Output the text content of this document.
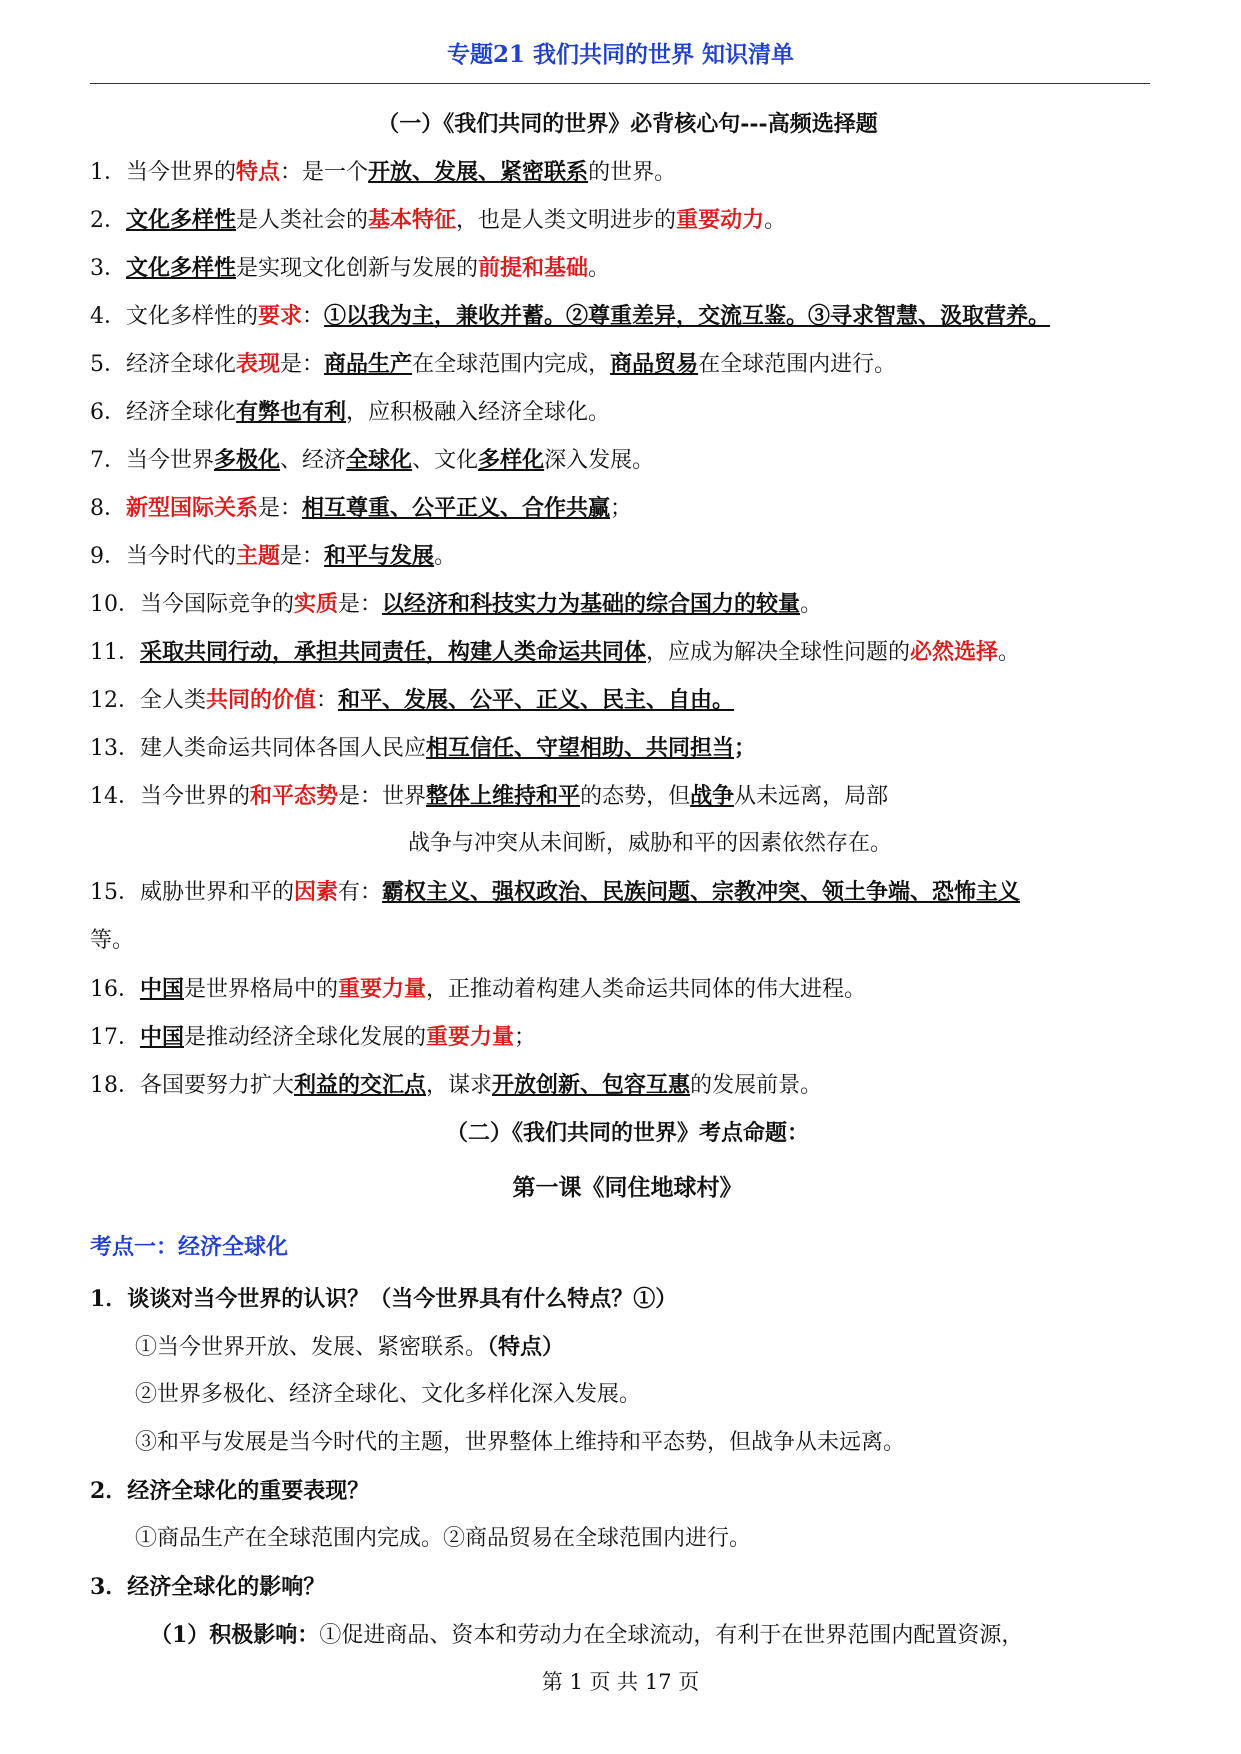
专题21 我们共同的世界 知识清单
（一）《我们共同的世界》必背核心句---高频选择题
1．当今世界的特点：是一个开放、发展、紧密联系的世界。
2．文化多样性是人类社会的基本特征，也是人类文明进步的重要动力。
3．文化多样性是实现文化创新与发展的前提和基础。
4．文化多样性的要求：①以我为主，兼收并蓄。②尊重差异，交流互鉴。③寻求智慧、汲取营养。
5．经济全球化表现是：商品生产在全球范围内完成，商品贸易在全球范围内进行。
6．经济全球化有弊也有利，应积极融入经济全球化。
7．当今世界多极化、经济全球化、文化多样化深入发展。
8．新型国际关系是：相互尊重、公平正义、合作共赢；
9．当今时代的主题是：和平与发展。
10．当今国际竞争的实质是：以经济和科技实力为基础的综合国力的较量。
11．采取共同行动，承担共同责任，构建人类命运共同体，应成为解决全球性问题的必然选择。
12．全人类共同的价值：和平、发展、公平、正义、民主、自由。
13．建人类命运共同体各国人民应相互信任、守望相助、共同担当；
14．当今世界的和平态势是：世界整体上维持和平的态势，但战争从未远离，局部
战争与冲突从未间断，威胁和平的因素依然存在。
15．威胁世界和平的因素有：霸权主义、强权政治、民族问题、宗教冲突、领土争端、恐怖主义
等。
16．中国是世界格局中的重要力量，正推动着构建人类命运共同体的伟大进程。
17．中国是推动经济全球化发展的重要力量；
18．各国要努力扩大利益的交汇点，谋求开放创新、包容互惠的发展前景。
（二）《我们共同的世界》考点命题：
第一课《同住地球村》
考点一：经济全球化
1．谈谈对当今世界的认识？（当今世界具有什么特点？①）
①当今世界开放、发展、紧密联系。（特点）
②世界多极化、经济全球化、文化多样化深入发展。
③和平与发展是当今时代的主题，世界整体上维持和平态势，但战争从未远离。
2．经济全球化的重要表现？
①商品生产在全球范围内完成。②商品贸易在全球范围内进行。
3．经济全球化的影响？
（1）积极影响：①促进商品、资本和劳动力在全球流动，有利于在世界范围内配置资源，
第 1 页 共 17 页
